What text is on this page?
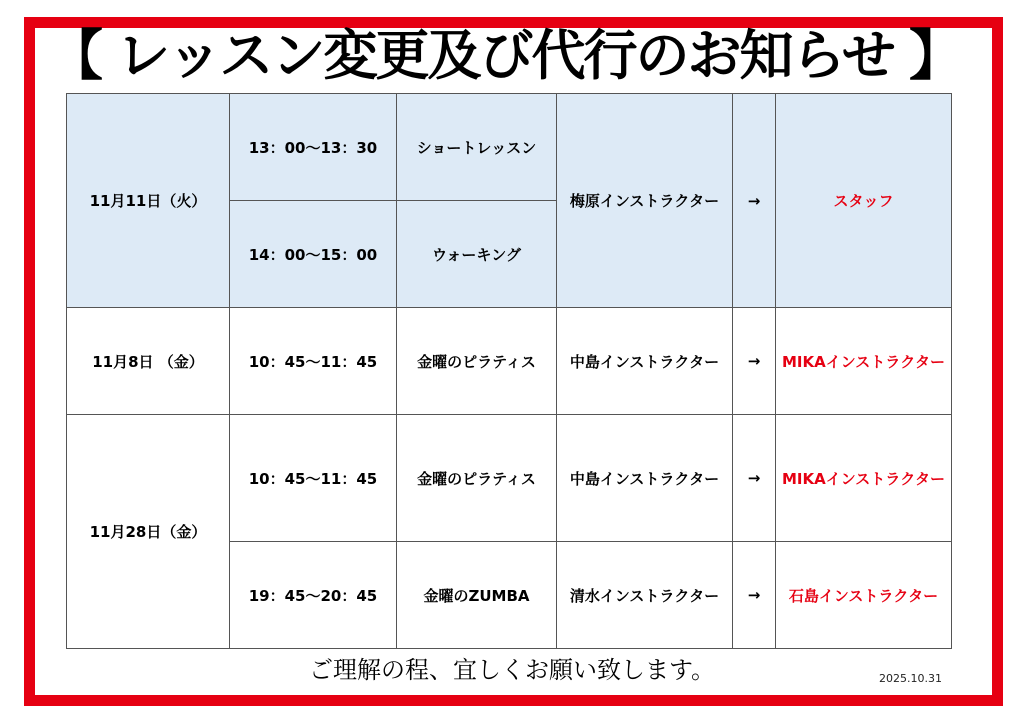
【 レッスン変更及び代行のお知らせ 】
11月11日（火）	13：00～13：30	ショートレッスン	梅原インストラクター	→	スタッフ
	14：00～15：00	ウォーキング			
11月8日 （金）	10：45～11：45	金曜のピラティス	中島インストラクター	→	MIKAインストラクター
11月28日（金）	10：45～11：45	金曜のピラティス	中島インストラクター	→	MIKAインストラクター
	19：45～20：45	金曜のZUMBA	清水インストラクター	→	石島インストラクター
ご理解の程、宜しくお願い致します。	2025.10.31
